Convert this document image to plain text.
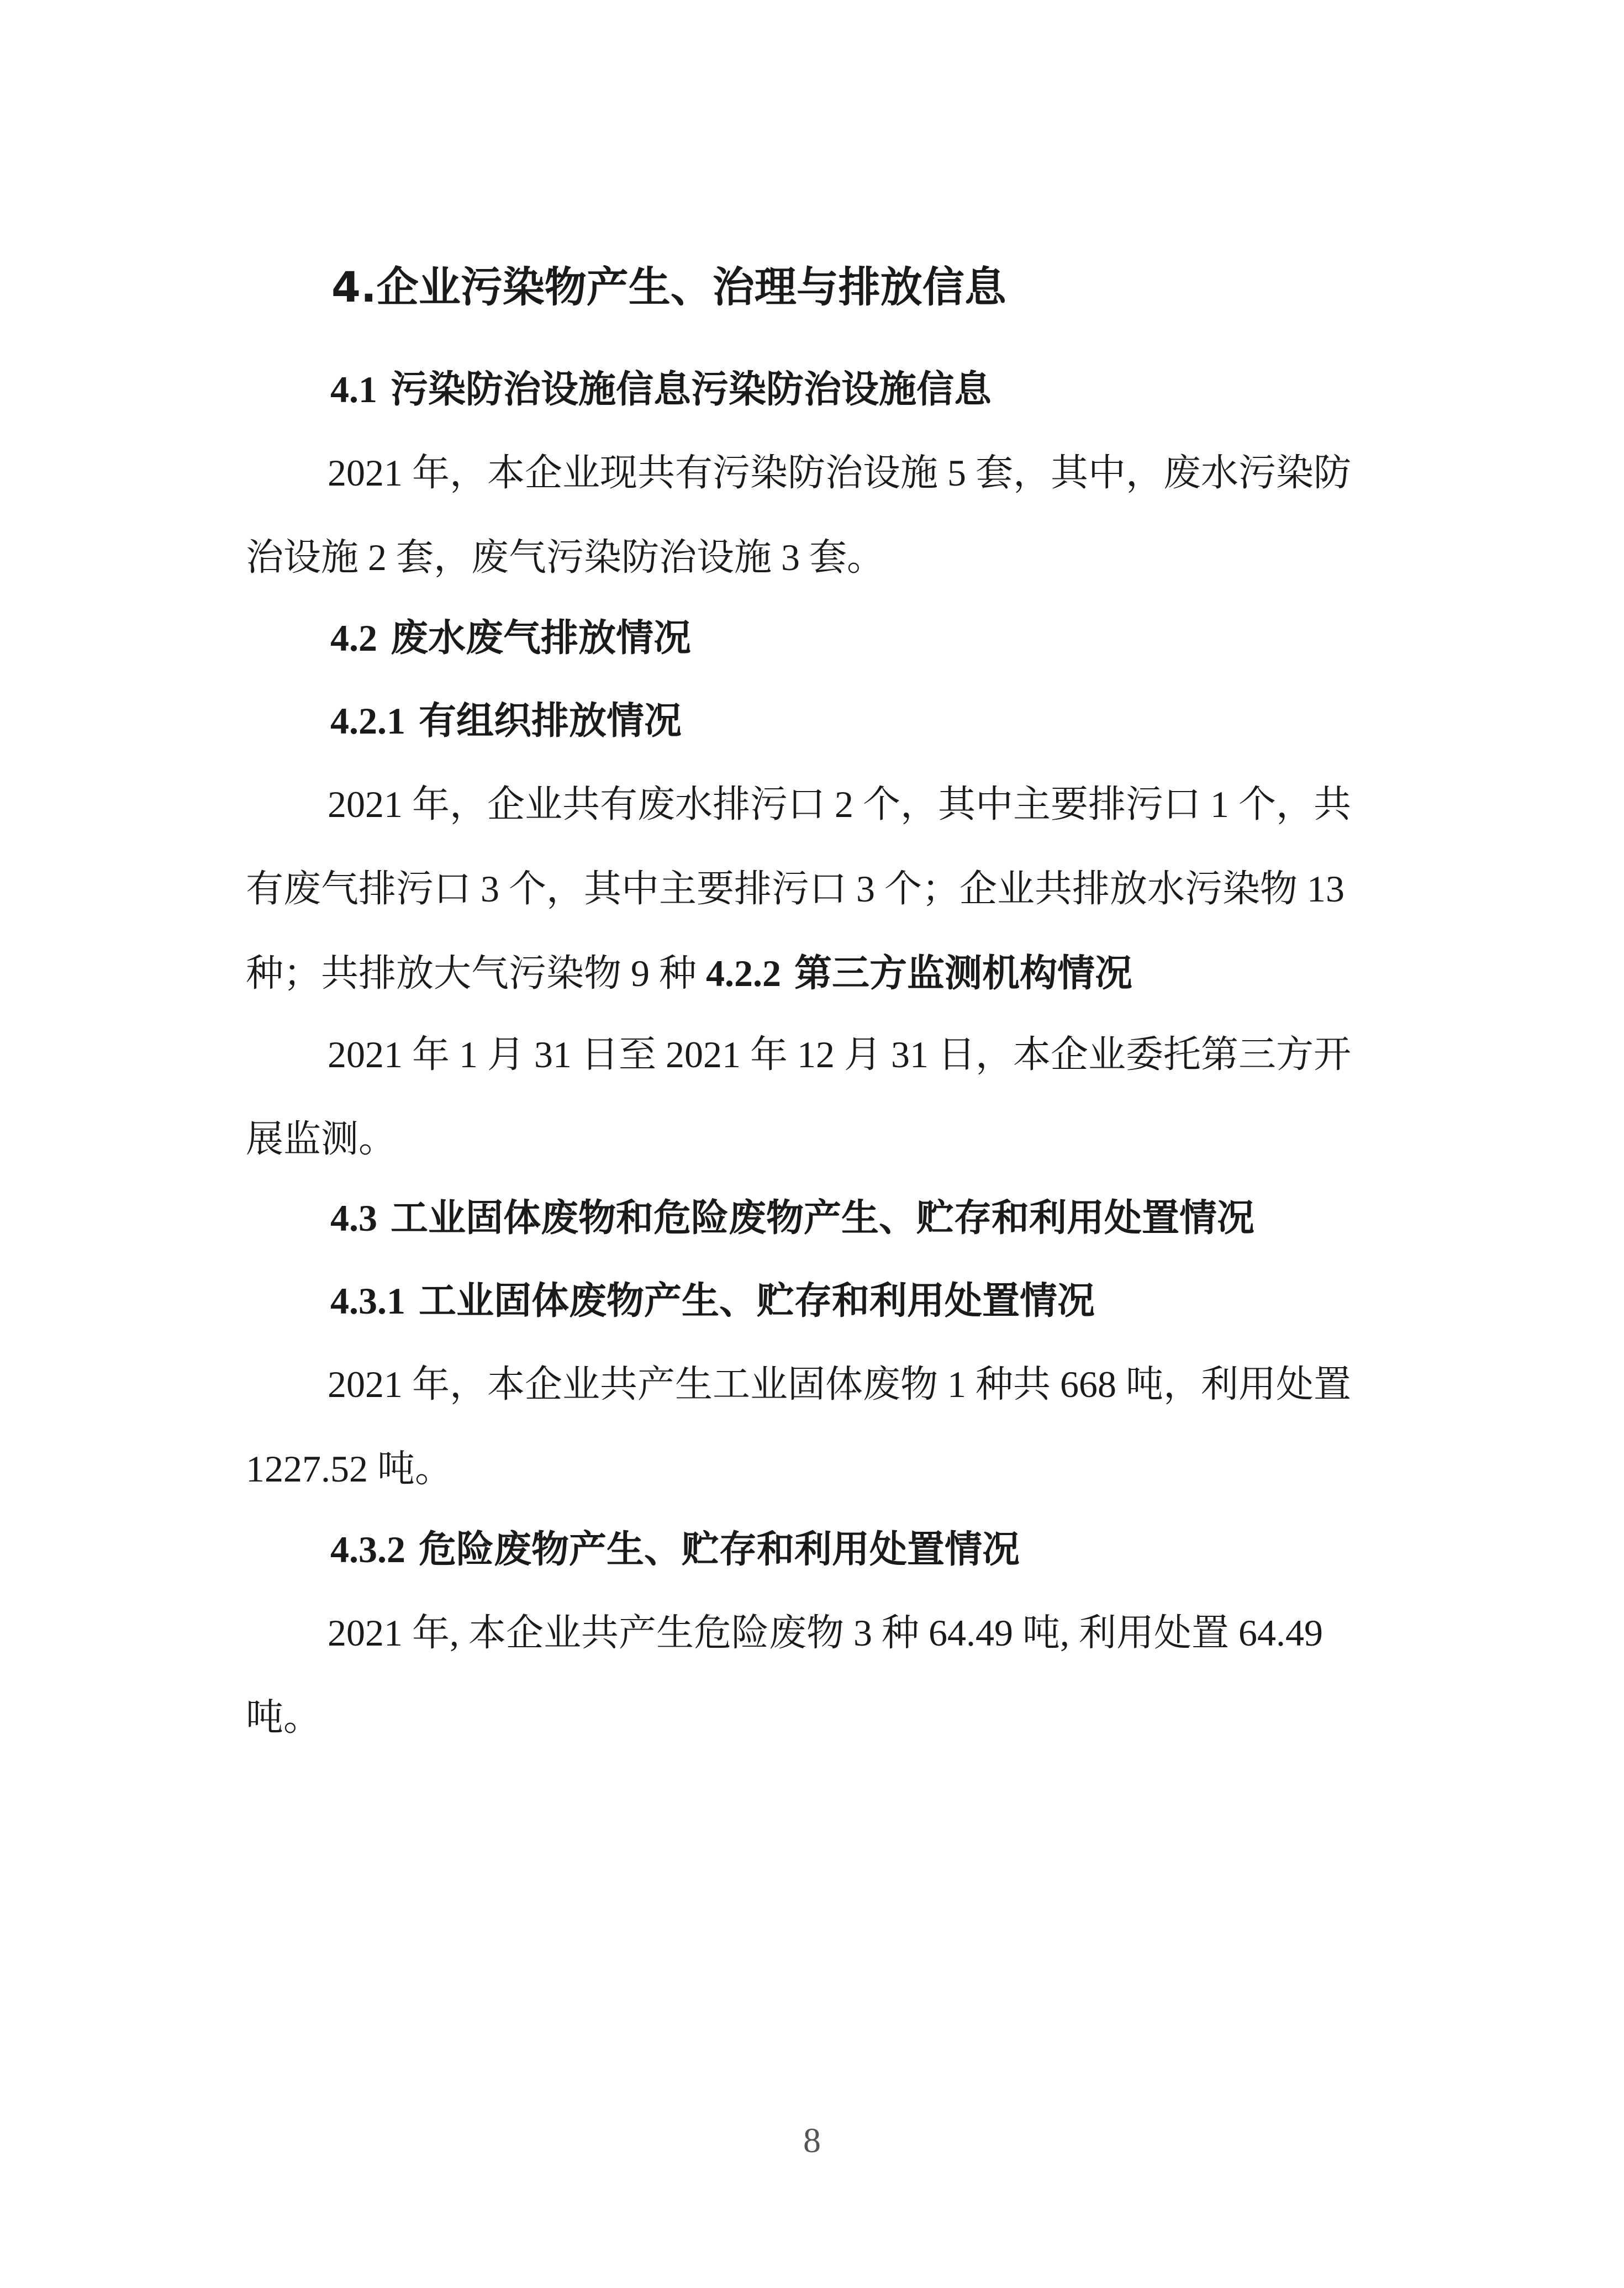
4.企业污染物产生、治理与排放信息
4.1 污染防治设施信息污染防治设施信息
2021 年，本企业现共有污染防治设施 5 套，其中，废水污染防治设施 2 套，废气污染防治设施 3 套。
4.2 废水废气排放情况
4.2.1 有组织排放情况
2021 年，企业共有废水排污口 2 个，其中主要排污口 1 个，共有废气排污口 3 个，其中主要排污口 3 个；企业共排放水污染物 13 种；共排放大气污染物 9 种 4.2.2 第三方监测机构情况
2021 年 1 月 31 日至 2021 年 12 月 31 日，本企业委托第三方开展监测。
4.3 工业固体废物和危险废物产生、贮存和利用处置情况
4.3.1 工业固体废物产生、贮存和利用处置情况
2021 年，本企业共产生工业固体废物 1 种共 668 吨，利用处置 1227.52 吨。
4.3.2 危险废物产生、贮存和利用处置情况
2021 年, 本企业共产生危险废物 3 种 64.49 吨, 利用处置 64.49 吨。
8
